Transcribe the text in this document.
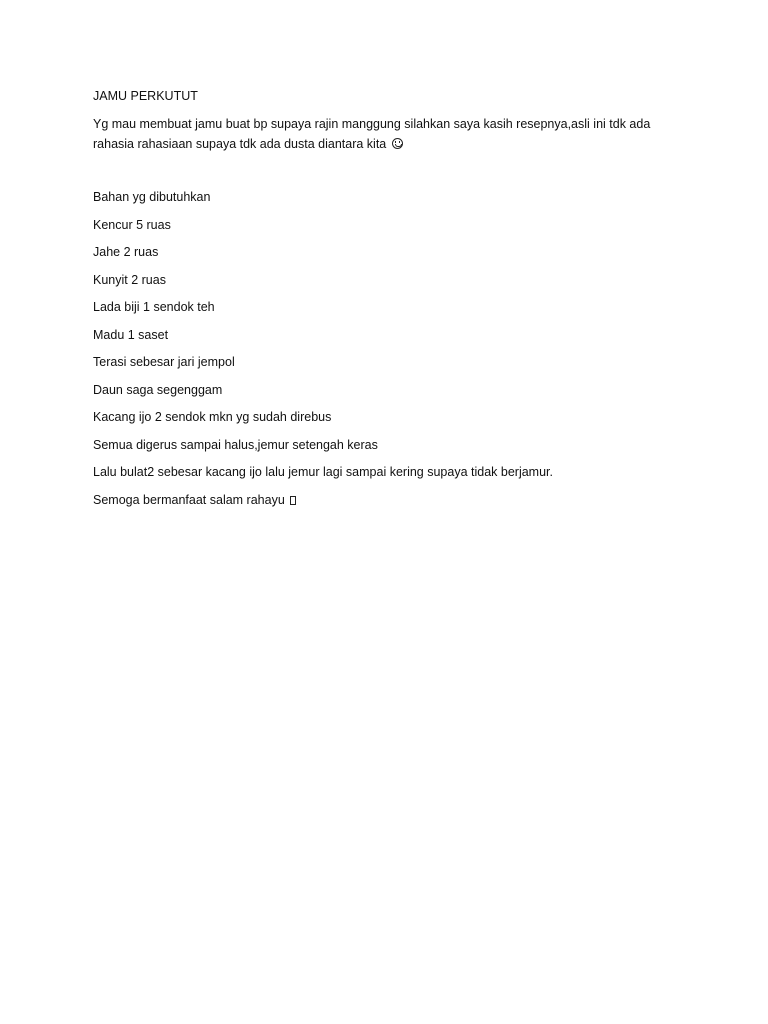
JAMU PERKUTUT

Yg mau membuat jamu buat bp supaya rajin manggung silahkan saya kasih resepnya,asli ini tdk ada
rahasia rahasiaan supaya tdk ada dusta diantara kita

Bahan yg dibutuhkan

Kencur 5 ruas

Jahe 2 ruas

Kunyit 2 ruas

Lada biji 1 sendok teh

Madu 1 saset

Terasi sebesar jari jempol

Daun saga segenggam

Kacang ijo 2 sendok mkn yg sudah direbus

Semua digerus sampai halus,jemur setengah keras

Lalu bulat2 sebesar kacang ijo lalu jemur lagi sampai kering supaya tidak berjamur.

Semoga bermanfaat salam rahayu
